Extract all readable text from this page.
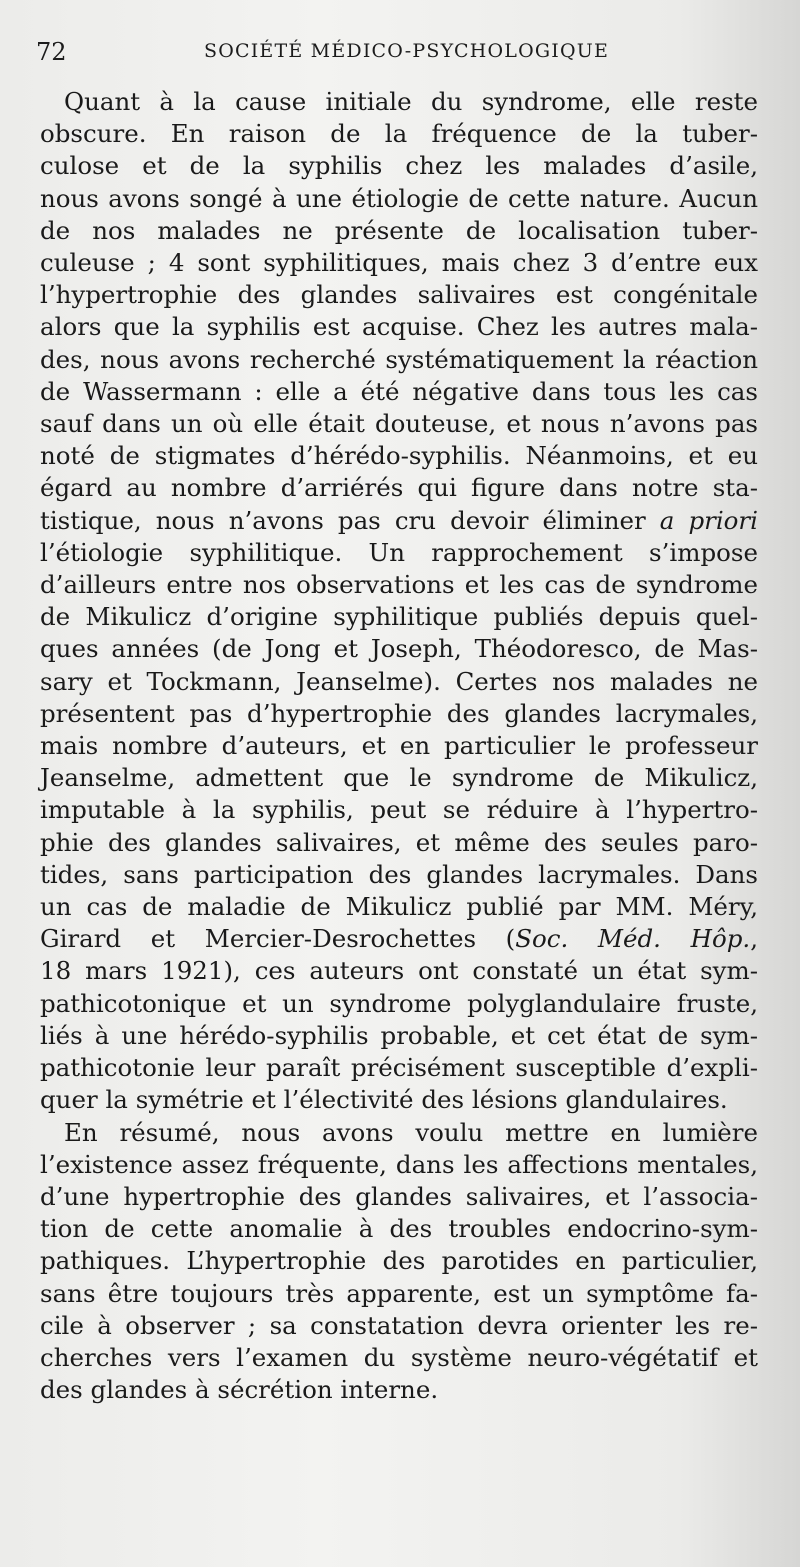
72	SOCIÉTÉ MÉDICO-PSYCHOLOGIQUE
Quant à la cause initiale du syndrome, elle reste
obscure. En raison de la fréquence de la tuber-
culose et de la syphilis chez les malades d’asile,
nous avons songé à une étiologie de cette nature. Aucun
de nos malades ne présente de localisation tuber-
culeuse ; 4 sont syphilitiques, mais chez 3 d’entre eux
l’hypertrophie des glandes salivaires est congénitale
alors que la syphilis est acquise. Chez les autres mala-
des, nous avons recherché systématiquement la réaction
de Wassermann : elle a été négative dans tous les cas
sauf dans un où elle était douteuse, et nous n’avons pas
noté de stigmates d’hérédo-syphilis. Néanmoins, et eu
égard au nombre d’arriérés qui figure dans notre sta-
tistique, nous n’avons pas cru devoir éliminer a priori
l’étiologie syphilitique. Un rapprochement s’impose
d’ailleurs entre nos observations et les cas de syndrome
de Mikulicz d’origine syphilitique publiés depuis quel-
ques années (de Jong et Joseph, Théodoresco, de Mas-
sary et Tockmann, Jeanselme). Certes nos malades ne
présentent pas d’hypertrophie des glandes lacrymales,
mais nombre d’auteurs, et en particulier le professeur
Jeanselme, admettent que le syndrome de Mikulicz,
imputable à la syphilis, peut se réduire à l’hypertro-
phie des glandes salivaires, et même des seules paro-
tides, sans participation des glandes lacrymales. Dans
un cas de maladie de Mikulicz publié par MM. Méry,
Girard et Mercier-Desrochettes (Soc. Méd. Hôp.,
18 mars 1921), ces auteurs ont constaté un état sym-
pathicotonique et un syndrome polyglandulaire fruste,
liés à une hérédo-syphilis probable, et cet état de sym-
pathicotonie leur paraît précisément susceptible d’expli-
quer la symétrie et l’électivité des lésions glandulaires.
En résumé, nous avons voulu mettre en lumière
l’existence assez fréquente, dans les affections mentales,
d’une hypertrophie des glandes salivaires, et l’associa-
tion de cette anomalie à des troubles endocrino-sym-
pathiques. L’hypertrophie des parotides en particulier,
sans être toujours très apparente, est un symptôme fa-
cile à observer ; sa constatation devra orienter les re-
cherches vers l’examen du système neuro-végétatif et
des glandes à sécrétion interne.
